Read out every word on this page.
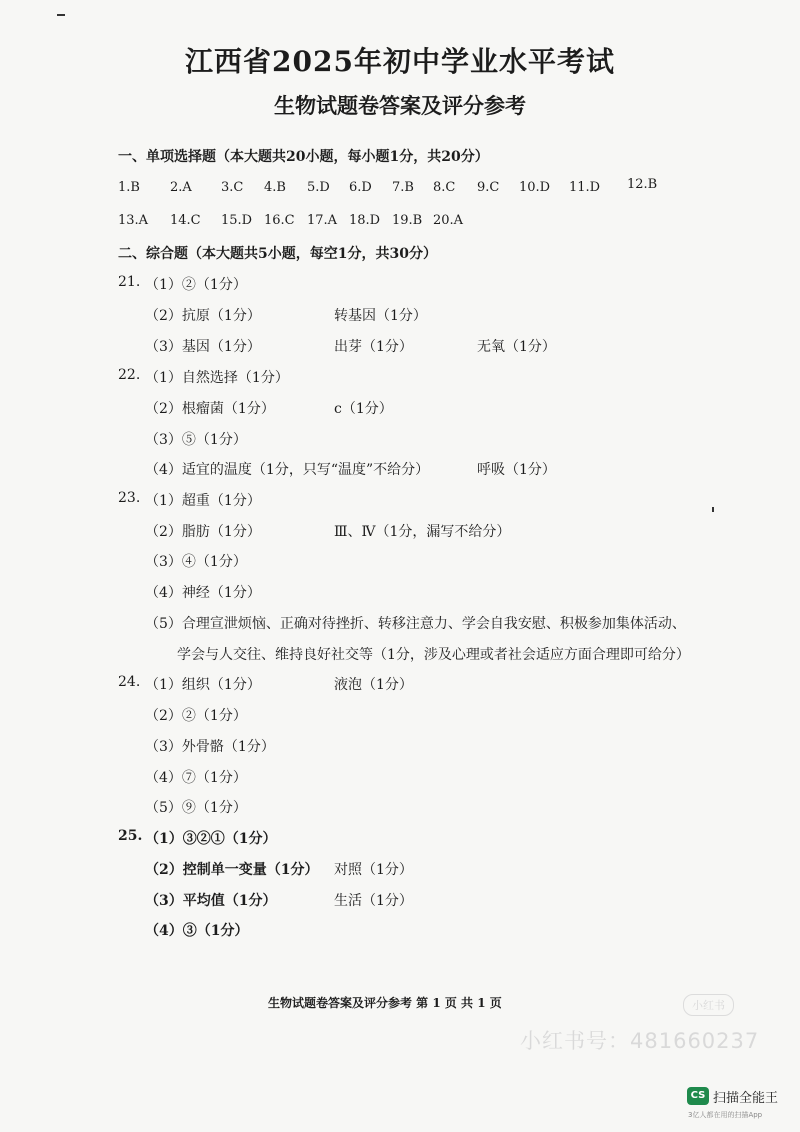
江西省2025年初中学业水平考试
生物试题卷答案及评分参考
一、单项选择题（本大题共20小题，每小题1分，共20分）
1.B 2.A 3.C 4.B 5.D 6.D 7.B 8.C 9.C 10.D 11.D 12.B
13.A 14.C 15.D 16.C 17.A 18.D 19.B 20.A
二、综合题（本大题共5小题，每空1分，共30分）
21. （1）②（1分）
（2）抗原（1分）	转基因（1分）
（3）基因（1分）	出芽（1分）	无氧（1分）
22. （1）自然选择（1分）
（2）根瘤菌（1分）	c（1分）
（3）⑤（1分）
（4）适宜的温度（1分，只写“温度”不给分）	呼吸（1分）
23. （1）超重（1分）
（2）脂肪（1分）	Ⅲ、Ⅳ（1分，漏写不给分）
（3）④（1分）
（4）神经（1分）
（5）合理宣泄烦恼、正确对待挫折、转移注意力、学会自我安慰、积极参加集体活动、
学会与人交往、维持良好社交等（1分，涉及心理或者社会适应方面合理即可给分）
24. （1）组织（1分）	液泡（1分）
（2）②（1分）
（3）外骨骼（1分）
（4）⑦（1分）
（5）⑨（1分）
25. （1）③②①（1分）
（2）控制单一变量（1分） 对照（1分）
（3）平均值（1分）	生活（1分）
（4）③（1分）
生物试题卷答案及评分参考 第 1 页 共 1 页	小红书
小红书号：481660237
CS 扫描全能王
3亿人都在用的扫描App
